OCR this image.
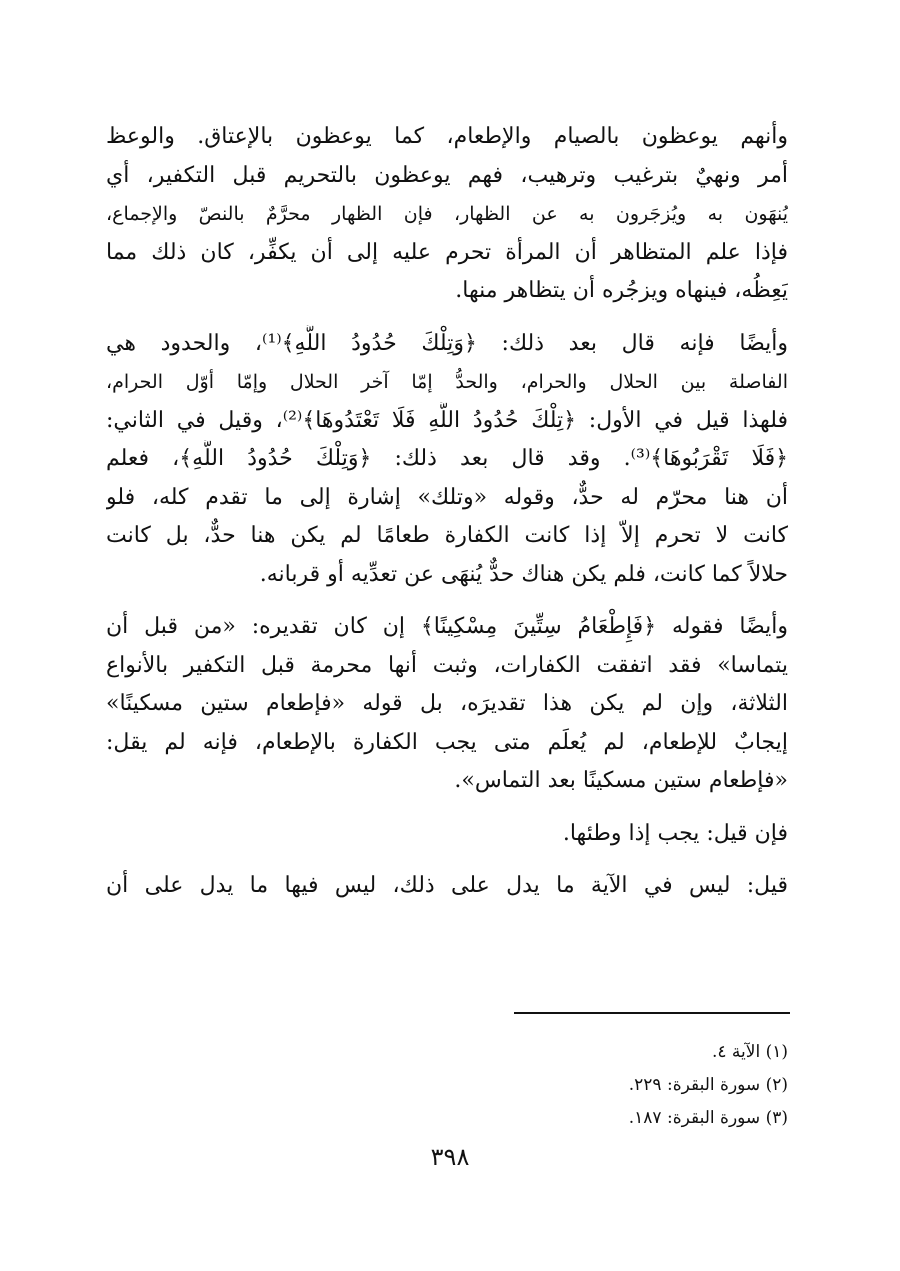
وأنهم يوعظون بالصيام والإطعام، كما يوعظون بالإعتاق. والوعظ
أمر ونهيٌ بترغيب وترهيب، فهم يوعظون بالتحريم قبل التكفير، أي
يُنهَون به ويُزجَرون به عن الظهار، فإن الظهار محرَّمٌ بالنصّ والإجماع،
فإذا علم المتظاهر أن المرأة تحرم عليه إلى أن يكفِّر، كان ذلك مما
يَعِظُه، فينهاه ويزجُره أن يتظاهر منها.

وأيضًا فإنه قال بعد ذلك: ﴿وَتِلْكَ حُدُودُ اللَّهِ﴾⁽¹⁾، والحدود هي
الفاصلة بين الحلال والحرام، والحدُّ إمّا آخر الحلال وإمّا أوّل الحرام،
فلهذا قيل في الأول: ﴿تِلْكَ حُدُودُ اللَّهِ فَلَا تَعْتَدُوهَا﴾⁽²⁾، وقيل في الثاني:
﴿فَلَا تَقْرَبُوهَا﴾⁽³⁾. وقد قال بعد ذلك: ﴿وَتِلْكَ حُدُودُ اللَّهِ﴾، فعلم
أن هنا محرّم له حدٌّ، وقوله «وتلك» إشارة إلى ما تقدم كله، فلو
كانت لا تحرم إلاّ إذا كانت الكفارة طعامًا لم يكن هنا حدٌّ، بل كانت
حلالاً كما كانت، فلم يكن هناك حدٌّ يُنهَى عن تعدِّيه أو قربانه.

وأيضًا فقوله ﴿فَإِطْعَامُ سِتِّينَ مِسْكِينًا﴾ إن كان تقديره: «من قبل أن
يتماسا» فقد اتفقت الكفارات، وثبت أنها محرمة قبل التكفير بالأنواع
الثلاثة، وإن لم يكن هذا تقديرَه، بل قوله «فإطعام ستين مسكينًا»
إيجابٌ للإطعام، لم يُعلَم متى يجب الكفارة بالإطعام، فإنه لم يقل:
«فإطعام ستين مسكينًا بعد التماس».

فإن قيل: يجب إذا وطئها.

قيل: ليس في الآية ما يدل على ذلك، ليس فيها ما يدل على أن

(١) الآية ٤.
(٢) سورة البقرة: ٢٢٩.
(٣) سورة البقرة: ١٨٧.
٣٩٨
